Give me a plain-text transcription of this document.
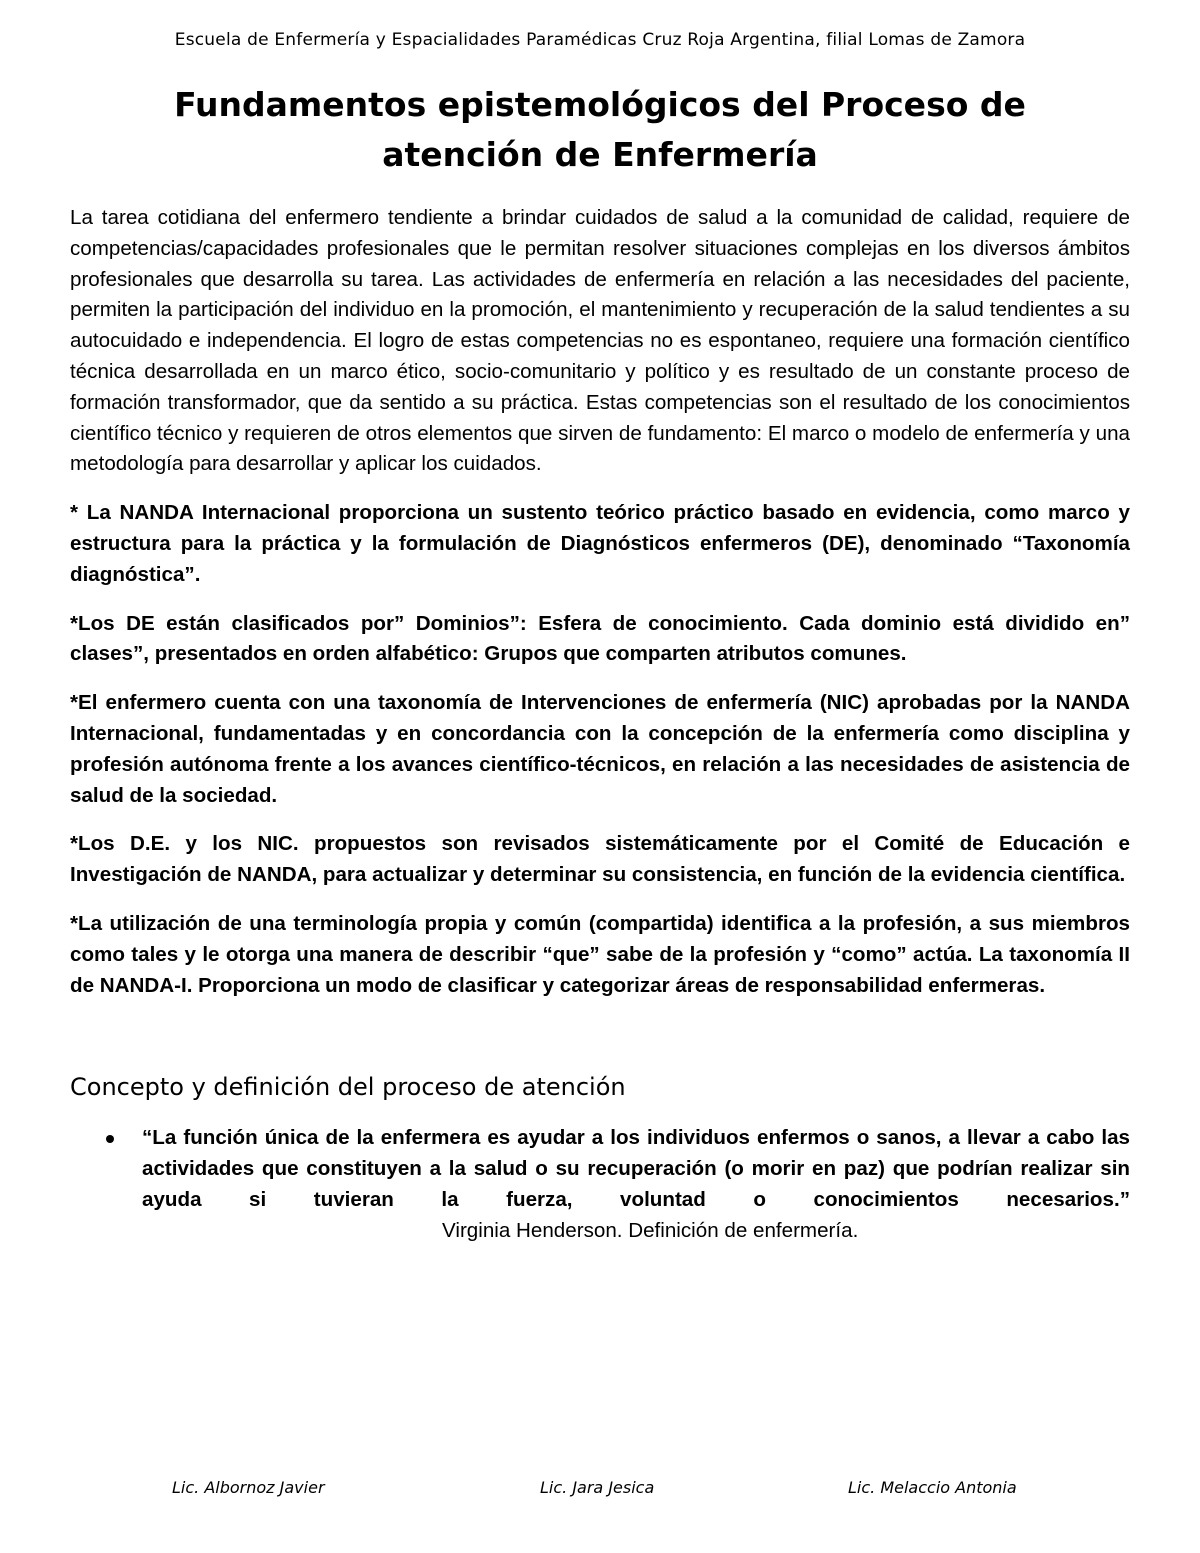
Escuela de Enfermería y Espacialidades Paramédicas Cruz Roja Argentina, filial Lomas de Zamora
Fundamentos epistemológicos del Proceso de atención de Enfermería

La tarea cotidiana del enfermero tendiente a brindar cuidados de salud a la comunidad de calidad, requiere de competencias/capacidades profesionales que le permitan resolver situaciones complejas en los diversos ámbitos profesionales que desarrolla su tarea. Las actividades de enfermería en relación a las necesidades del paciente, permiten la participación del individuo en la promoción, el mantenimiento y recuperación de la salud tendientes a su autocuidado e independencia. El logro de estas competencias no es espontaneo, requiere una formación científico técnica desarrollada en un marco ético, socio-comunitario y político y es resultado de un constante proceso de formación transformador, que da sentido a su práctica. Estas competencias son el resultado de los conocimientos científico técnico y requieren de otros elementos que sirven de fundamento: El marco o modelo de enfermería y una metodología para desarrollar y aplicar los cuidados.

* La NANDA Internacional proporciona un sustento teórico práctico basado en evidencia, como marco y estructura para la práctica y la formulación de Diagnósticos enfermeros (DE), denominado “Taxonomía diagnóstica”.

*Los DE están clasificados por” Dominios”: Esfera de conocimiento. Cada dominio está dividido en” clases”, presentados en orden alfabético: Grupos que comparten atributos comunes.

*El enfermero cuenta con una taxonomía de Intervenciones de enfermería (NIC) aprobadas por la NANDA Internacional, fundamentadas y en concordancia con la concepción de la enfermería como disciplina y profesión autónoma frente a los avances científico-técnicos, en relación a las necesidades de asistencia de salud de la sociedad.

*Los D.E. y los NIC. propuestos son revisados sistemáticamente por el Comité de Educación e Investigación de NANDA, para actualizar y determinar su consistencia, en función de la evidencia científica.

*La utilización de una terminología propia y común (compartida) identifica a la profesión, a sus miembros como tales y le otorga una manera de describir “que” sabe de la profesión y “como” actúa. La taxonomía II de NANDA-I. Proporciona un modo de clasificar y categorizar áreas de responsabilidad enfermeras.

Concepto y definición del proceso de atención
“La función única de la enfermera es ayudar a los individuos enfermos o sanos, a llevar a cabo las actividades que constituyen a la salud o su recuperación (o morir en paz) que podrían realizar sin ayuda si tuvieran la fuerza, voluntad o conocimientos necesarios.” Virginia Henderson. Definición de enfermería.
Lic. Albornoz Javier	Lic. Jara Jesica	Lic. Melaccio Antonia
